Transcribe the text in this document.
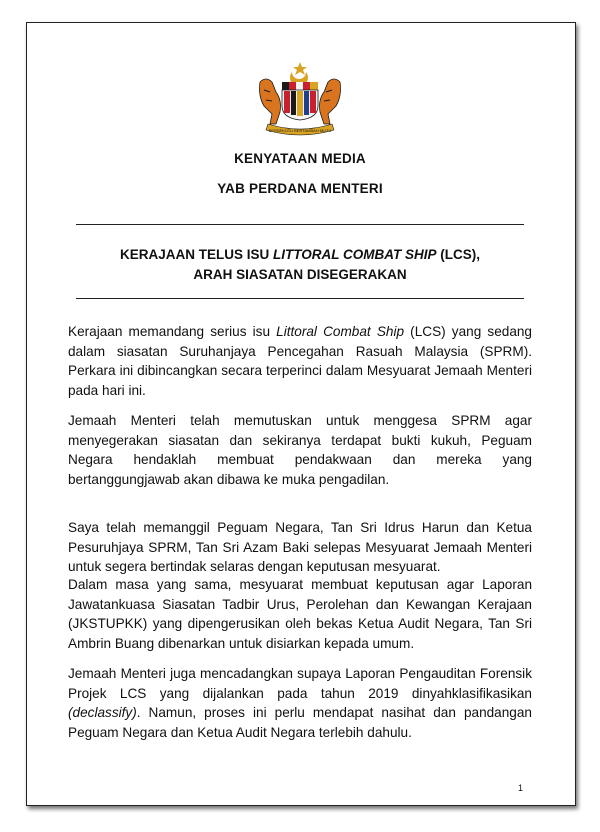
BERSEKUTU BERTAMBAH MUTU
KENYATAAN MEDIA
YAB PERDANA MENTERI
KERAJAAN TELUS ISU LITTORAL COMBAT SHIP (LCS),
ARAH SIASATAN DISEGERAKAN

Kerajaan memandang serius isu Littoral Combat Ship (LCS) yang sedang dalam siasatan Suruhanjaya Pencegahan Rasuah Malaysia (SPRM). Perkara ini dibincangkan secara terperinci dalam Mesyuarat Jemaah Menteri pada hari ini.

Jemaah Menteri telah memutuskan untuk menggesa SPRM agar menyegerakan siasatan dan sekiranya terdapat bukti kukuh, Peguam Negara hendaklah membuat pendakwaan dan mereka yang bertanggungjawab akan dibawa ke muka pengadilan.

Saya telah memanggil Peguam Negara, Tan Sri Idrus Harun dan Ketua Pesuruhjaya SPRM, Tan Sri Azam Baki selepas Mesyuarat Jemaah Menteri untuk segera bertindak selaras dengan keputusan mesyuarat.

Dalam masa yang sama, mesyuarat membuat keputusan agar Laporan Jawatankuasa Siasatan Tadbir Urus, Perolehan dan Kewangan Kerajaan (JKSTUPKK) yang dipengerusikan oleh bekas Ketua Audit Negara, Tan Sri Ambrin Buang dibenarkan untuk disiarkan kepada umum.

Jemaah Menteri juga mencadangkan supaya Laporan Pengauditan Forensik Projek LCS yang dijalankan pada tahun 2019 dinyahklasifikasikan (declassify). Namun, proses ini perlu mendapat nasihat dan pandangan Peguam Negara dan Ketua Audit Negara terlebih dahulu.

1
